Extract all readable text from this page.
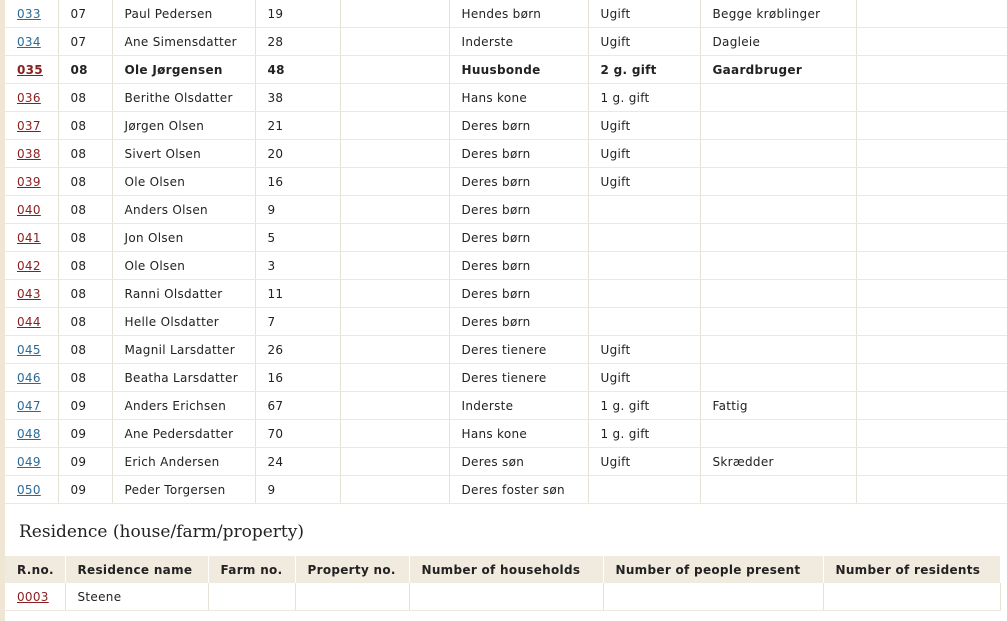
033	07	Paul Pedersen	19		Hendes børn	Ugift	Begge krøblinger	
034	07	Ane Simensdatter	28		Inderste	Ugift	Dagleie	
035	08	Ole Jørgensen	48		Huusbonde	2 g. gift	Gaardbruger	
036	08	Berithe Olsdatter	38		Hans kone	1 g. gift		
037	08	Jørgen Olsen	21		Deres børn	Ugift		
038	08	Sivert Olsen	20		Deres børn	Ugift		
039	08	Ole Olsen	16		Deres børn	Ugift		
040	08	Anders Olsen	9		Deres børn			
041	08	Jon Olsen	5		Deres børn			
042	08	Ole Olsen	3		Deres børn			
043	08	Ranni Olsdatter	11		Deres børn			
044	08	Helle Olsdatter	7		Deres børn			
045	08	Magnil Larsdatter	26		Deres tienere	Ugift		
046	08	Beatha Larsdatter	16		Deres tienere	Ugift		
047	09	Anders Erichsen	67		Inderste	1 g. gift	Fattig	
048	09	Ane Pedersdatter	70		Hans kone	1 g. gift		
049	09	Erich Andersen	24		Deres søn	Ugift	Skrædder	
050	09	Peder Torgersen	9		Deres foster søn			
Residence (house/farm/property)
R.no.	Residence name	Farm no.	Property no.	Number of households	Number of people present	Number of residents
0003	Steene					
